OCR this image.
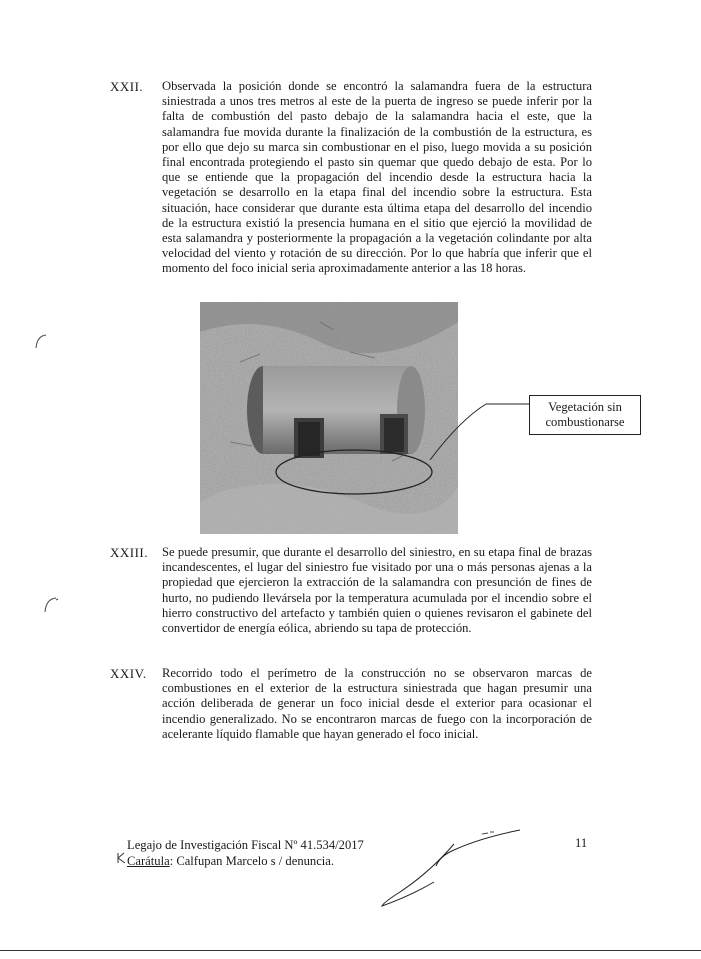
XXII. Observada la posición donde se encontró la salamandra fuera de la estructura siniestrada a unos tres metros al este de la puerta de ingreso se puede inferir por la falta de combustión del pasto debajo de la salamandra hacia el este, que la salamandra fue movida durante la finalización de la combustión de la estructura, es por ello que dejo su marca sin combustionar en el piso, luego movida a su posición final encontrada protegiendo el pasto sin quemar que quedo debajo de esta. Por lo que se entiende que la propagación del incendio desde la estructura hacia la vegetación se desarrollo en la etapa final del incendio sobre la estructura. Esta situación, hace considerar que durante esta última etapa del desarrollo del incendio de la estructura existió la presencia humana en el sitio que ejerció la movilidad de esta salamandra y posteriormente la propagación a la vegetación colindante por alta velocidad del viento y rotación de su dirección. Por lo que habría que inferir que el momento del foco inicial seria aproximadamente anterior a las 18 horas.
Vegetación sin combustionarse
XXIII. Se puede presumir, que durante el desarrollo del siniestro, en su etapa final de brazas incandescentes, el lugar del siniestro fue visitado por una o más personas ajenas a la propiedad que ejercieron la extracción de la salamandra con presunción de fines de hurto, no pudiendo llevársela por la temperatura acumulada por el incendio sobre el hierro constructivo del artefacto y también quien o quienes revisaron el gabinete del convertidor de energía eólica, abriendo su tapa de protección.
XXIV. Recorrido todo el perímetro de la construcción no se observaron marcas de combustiones en el exterior de la estructura siniestrada que hagan presumir una acción deliberada de generar un foco inicial desde el exterior para ocasionar el incendio generalizado. No se encontraron marcas de fuego con la incorporación de acelerante líquido flamable que hayan generado el foco inicial.
Legajo de Investigación Fiscal Nº 41.534/2017
Carátula: Calfupan Marcelo s / denuncia.
11
